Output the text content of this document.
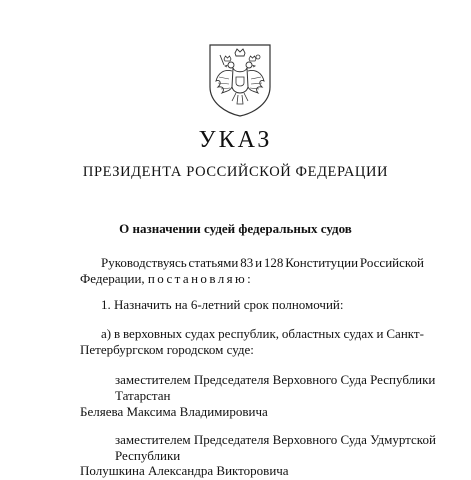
УКАЗ
ПРЕЗИДЕНТА РОССИЙСКОЙ ФЕДЕРАЦИИ
О назначении судей федеральных судов
Руководствуясь статьями 83 и 128 Конституции Российской
Федерации, постановляю:
1. Назначить на 6-летний срок полномочий:
а) в верховных судах республик, областных судах и Санкт-
Петербургском городском суде:
заместителем Председателя Верховного Суда Республики
Татарстан
Беляева Максима Владимировича
заместителем Председателя Верховного Суда Удмуртской
Республики
Полушкина Александра Викторовича
